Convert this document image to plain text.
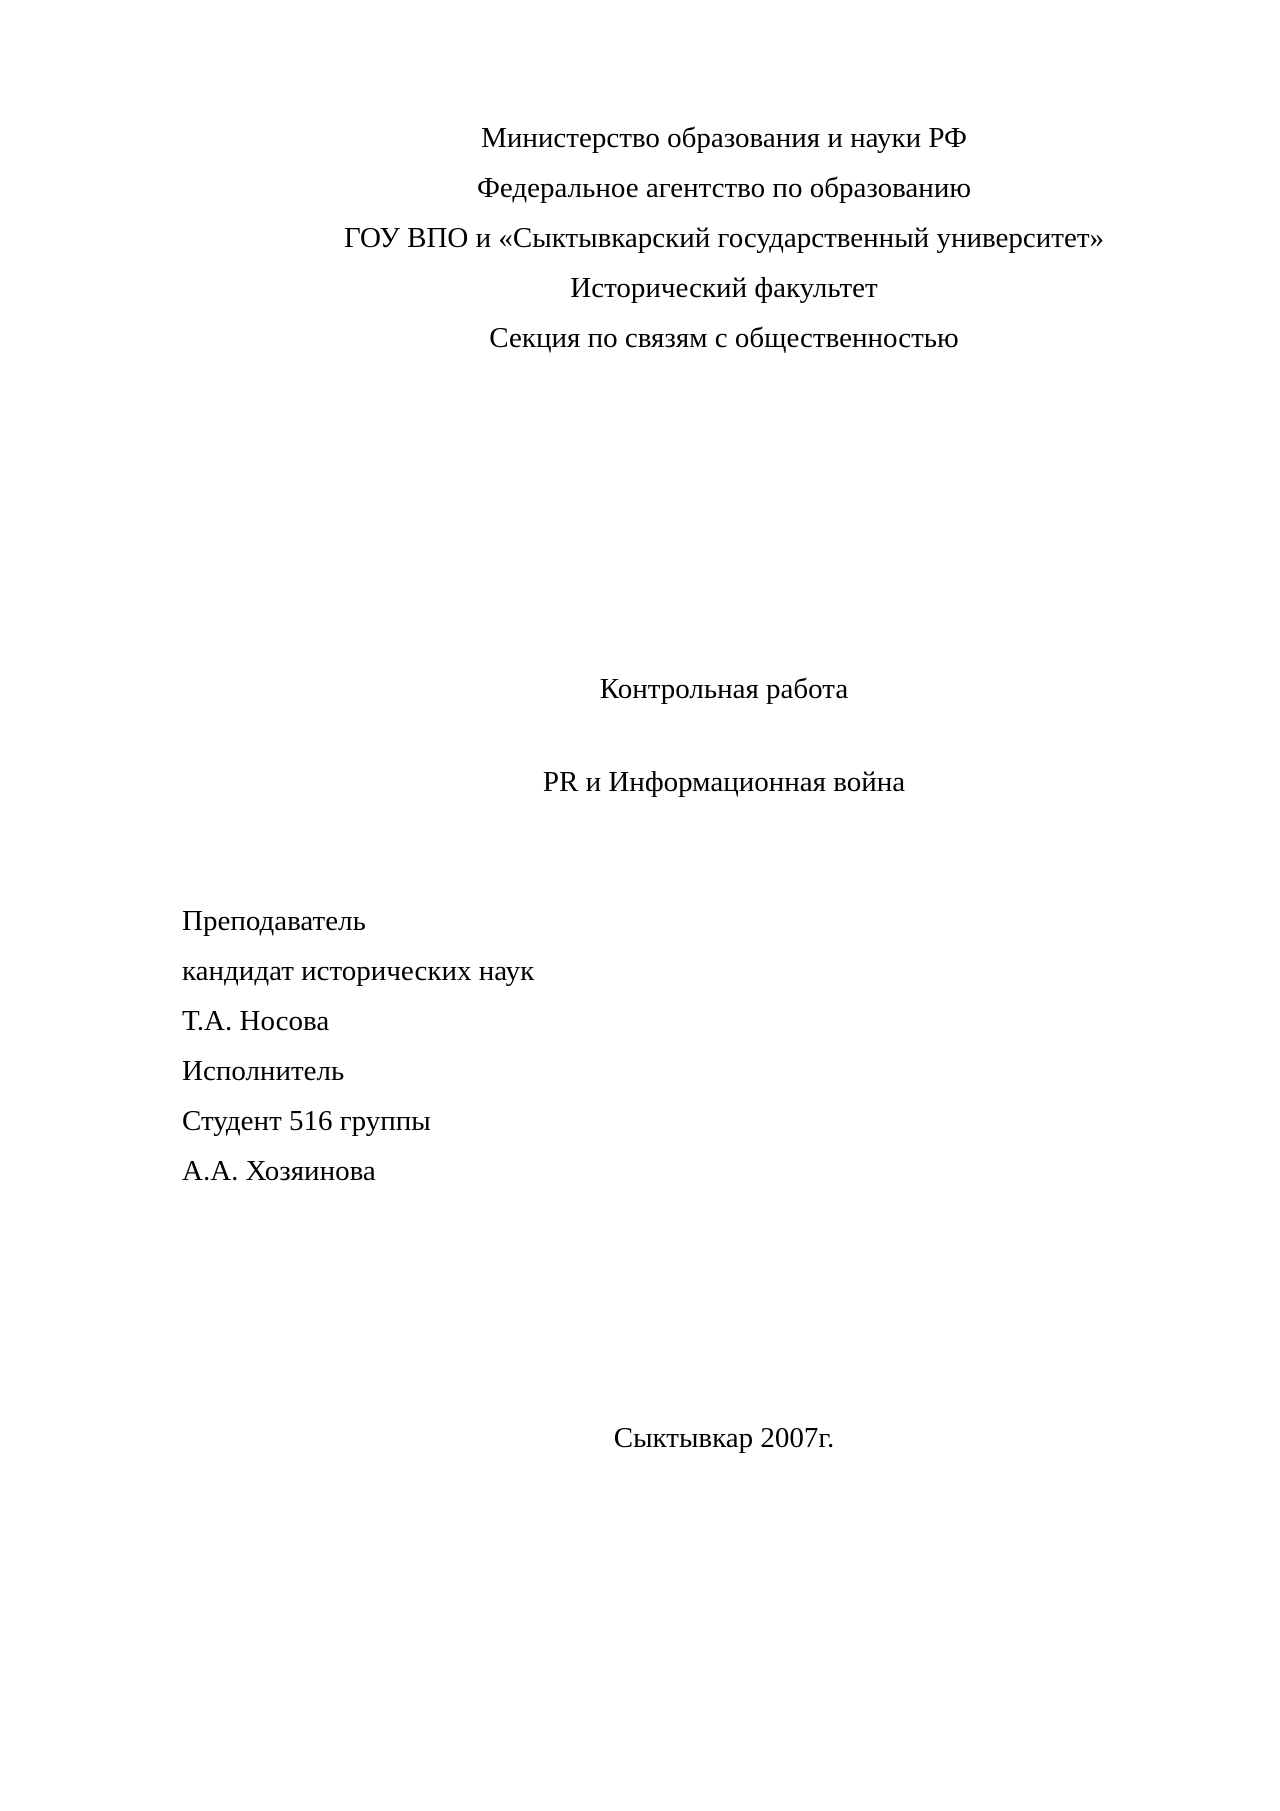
Министерство образования и науки РФ
Федеральное агентство по образованию
ГОУ ВПО и «Сыктывкарский государственный университет»
Исторический факультет
Секция по связям с общественностью
Контрольная работа
PR и Информационная война
Преподаватель
кандидат исторических наук
Т.А. Носова
Исполнитель
Студент 516 группы
А.А. Хозяинова
Сыктывкар 2007г.
